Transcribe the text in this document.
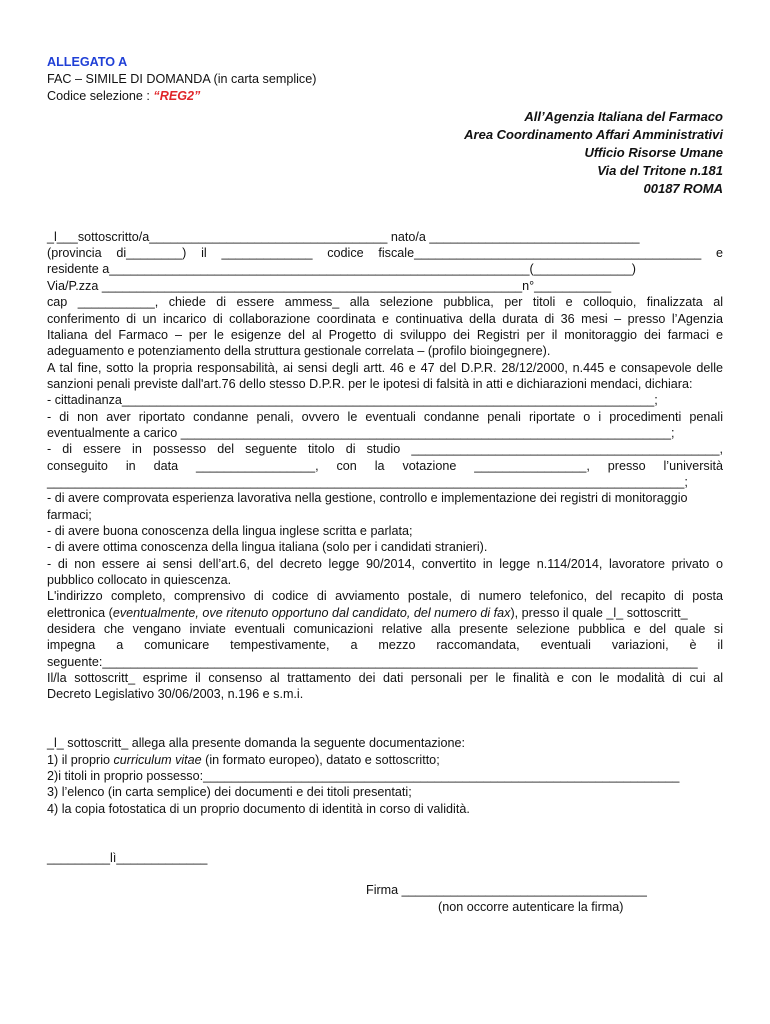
ALLEGATO A
FAC – SIMILE DI DOMANDA (in carta semplice)
Codice selezione : “REG2”
All’Agenzia Italiana del Farmaco
Area Coordinamento Affari Amministrativi
Ufficio Risorse Umane
Via del Tritone n.181
00187 ROMA
_l___sottoscritto/a__________________________________ nato/a ______________________________
(provincia di________) il _____________ codice fiscale_________________________________________ e
residente a____________________________________________________________(______________)
Via/P.zza ____________________________________________________________n°___________
cap ___________, chiede di essere ammess_ alla selezione pubblica, per titoli e colloquio, finalizzata al
conferimento di un incarico di collaborazione coordinata e continuativa della durata di 36 mesi – presso l’Agenzia
Italiana del Farmaco – per le esigenze del al Progetto di sviluppo dei Registri per il monitoraggio dei farmaci e
adeguamento e potenziamento della struttura gestionale correlata – (profilo bioingegnere).
A tal fine, sotto la propria responsabilità, ai sensi degli artt. 46 e 47 del D.P.R. 28/12/2000, n.445 e consapevole delle
sanzioni penali previste dall'art.76 dello stesso D.P.R. per le ipotesi di falsità in atti e dichiarazioni mendaci, dichiara:
- cittadinanza____________________________________________________________________________;
- di non aver riportato condanne penali, ovvero le eventuali condanne penali riportate o i procedimenti penali
eventualmente a carico ______________________________________________________________________;
- di essere in possesso del seguente titolo di studio ____________________________________________,
conseguito in data _________________, con la votazione ________________, presso l’università
___________________________________________________________________________________________;
- di avere comprovata esperienza lavorativa nella gestione, controllo e implementazione dei registri di monitoraggio
farmaci;
- di avere buona conoscenza della lingua inglese scritta e parlata;
- di avere ottima conoscenza della lingua italiana (solo per i candidati stranieri).
- di non essere ai sensi dell’art.6, del decreto legge 90/2014, convertito in legge n.114/2014, lavoratore privato o
pubblico collocato in quiescenza.
L'indirizzo completo, comprensivo di codice di avviamento postale, di numero telefonico, del recapito di posta
elettronica (eventualmente, ove ritenuto opportuno dal candidato, del numero di fax), presso il quale _l_ sottoscritt_
desidera che vengano inviate eventuali comunicazioni relative alla presente selezione pubblica e del quale si
impegna a comunicare tempestivamente, a mezzo raccomandata, eventuali variazioni, è il
seguente:_____________________________________________________________________________________
Il/la sottoscritt_ esprime il consenso al trattamento dei dati personali per le finalità e con le modalità di cui al
Decreto Legislativo 30/06/2003, n.196 e s.m.i.
_l_ sottoscritt_ allega alla presente domanda la seguente documentazione:
1) il proprio curriculum vitae (in formato europeo), datato e sottoscritto;
2)i titoli in proprio possesso:____________________________________________________________________
3) l’elenco (in carta semplice) dei documenti e dei titoli presentati;
4) la copia fotostatica di un proprio documento di identità in corso di validità.
_________lì_____________
Firma ___________________________________
(non occorre autenticare la firma)
